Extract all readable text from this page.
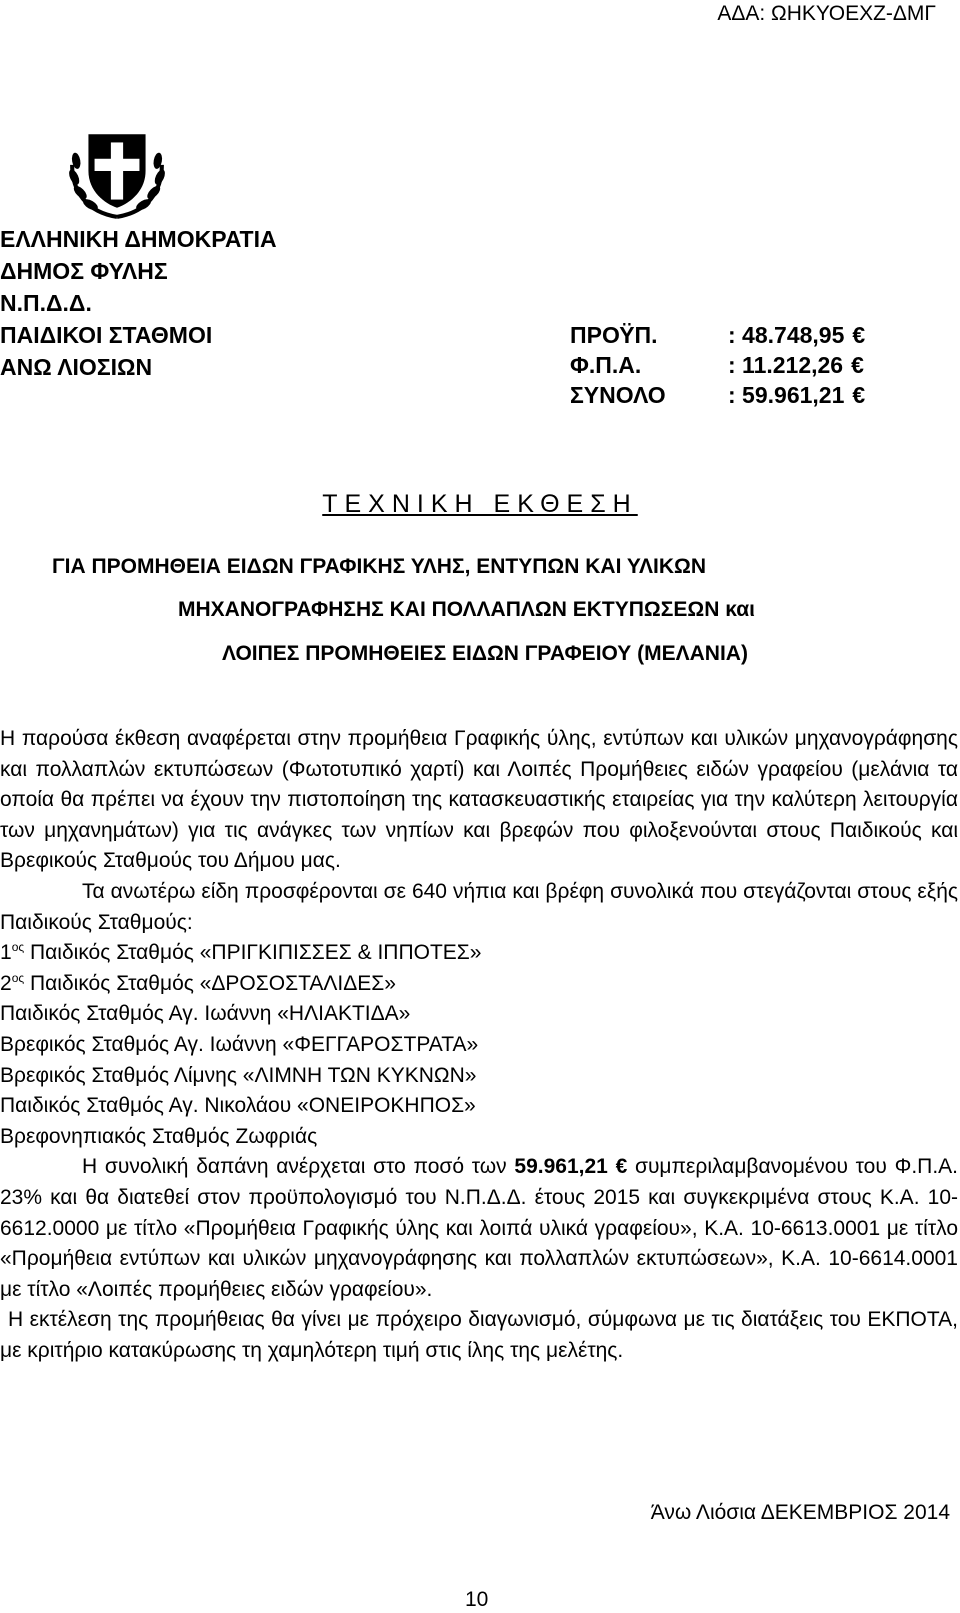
ΑΔΑ: ΩΗΚΥΟΕΧΖ-ΔΜΓ
ΕΛΛΗΝΙΚΗ ΔΗΜΟΚΡΑΤΙΑ
ΔΗΜΟΣ ΦΥΛΗΣ
Ν.Π.Δ.Δ.
ΠΑΙΔΙΚΟΙ ΣΤΑΘΜΟΙ
ΑΝΩ ΛΙΟΣΙΩΝ
ΠΡΟΫΠ.	: 48.748,95 €
Φ.Π.Α.	: 11.212,26 €
ΣΥΝΟΛΟ	: 59.961,21 €
ΤΕΧΝΙΚΗ ΕΚΘΕΣΗ
ΓΙΑ ΠΡΟΜΗΘΕΙΑ ΕΙΔΩΝ ΓΡΑΦΙΚΗΣ ΥΛΗΣ, ΕΝΤΥΠΩΝ ΚΑΙ ΥΛΙΚΩΝ
ΜΗΧΑΝΟΓΡΑΦΗΣΗΣ ΚΑΙ ΠΟΛΛΑΠΛΩΝ ΕΚΤΥΠΩΣΕΩΝ και
ΛΟΙΠΕΣ ΠΡΟΜΗΘΕΙΕΣ ΕΙΔΩΝ ΓΡΑΦΕΙΟΥ (ΜΕΛΑΝΙΑ)

Η παρούσα έκθεση αναφέρεται στην προμήθεια Γραφικής ύλης, εντύπων και υλικών μηχανογράφησης και πολλαπλών εκτυπώσεων (Φωτοτυπικό χαρτί) και Λοιπές Προμήθειες ειδών γραφείου (μελάνια τα οποία θα πρέπει να έχουν την πιστοποίηση της κατασκευαστικής εταιρείας για την καλύτερη λειτουργία των μηχανημάτων) για τις ανάγκες των νηπίων και βρεφών που φιλοξενούνται στους Παιδικούς και Βρεφικούς Σταθμούς του Δήμου μας.

Τα ανωτέρω είδη προσφέρονται σε 640 νήπια και βρέφη συνολικά που στεγάζονται στους εξής Παιδικούς Σταθμούς:

$1^{o\varsigma}$ Παιδικός Σταθμός «ΠΡΙΓΚΙΠΙΣΣΕΣ & ΙΠΠΟΤΕΣ»

$2^{o\varsigma}$ Παιδικός Σταθμός «ΔΡΟΣΟΣΤΑΛΙΔΕΣ»

Παιδικός Σταθμός Αγ. Ιωάννη «ΗΛΙΑΚΤΙΔΑ»

Βρεφικός Σταθμός Αγ. Ιωάννη «ΦΕΓΓΑΡΟΣΤΡΑΤΑ»

Βρεφικός Σταθμός Λίμνης «ΛΙΜΝΗ ΤΩΝ ΚΥΚΝΩΝ»

Παιδικός Σταθμός Αγ. Νικολάου «ΟΝΕΙΡΟΚΗΠΟΣ»

Βρεφονηπιακός Σταθμός Ζωφριάς

Η συνολική δαπάνη ανέρχεται στο ποσό των 59.961,21 € συμπεριλαμβανομένου του Φ.Π.Α. 23% και θα διατεθεί στον προϋπολογισμό του Ν.Π.Δ.Δ. έτους 2015 και συγκεκριμένα στους Κ.Α. 10-6612.0000 με τίτλο «Προμήθεια Γραφικής ύλης και λοιπά υλικά γραφείου», Κ.Α. 10-6613.0001 με τίτλο «Προμήθεια εντύπων και υλικών μηχανογράφησης και πολλαπλών εκτυπώσεων», Κ.Α. 10-6614.0001 με τίτλο «Λοιπές προμήθειες ειδών γραφείου».

Η εκτέλεση της προμήθειας θα γίνει με πρόχειρο διαγωνισμό, σύμφωνα με τις διατάξεις του ΕΚΠΟΤΑ, με κριτήριο κατακύρωσης τη χαμηλότερη τιμή στις ίλης της μελέτης.

Άνω Λιόσια ΔΕΚΕΜΒΡΙΟΣ 2014
10
